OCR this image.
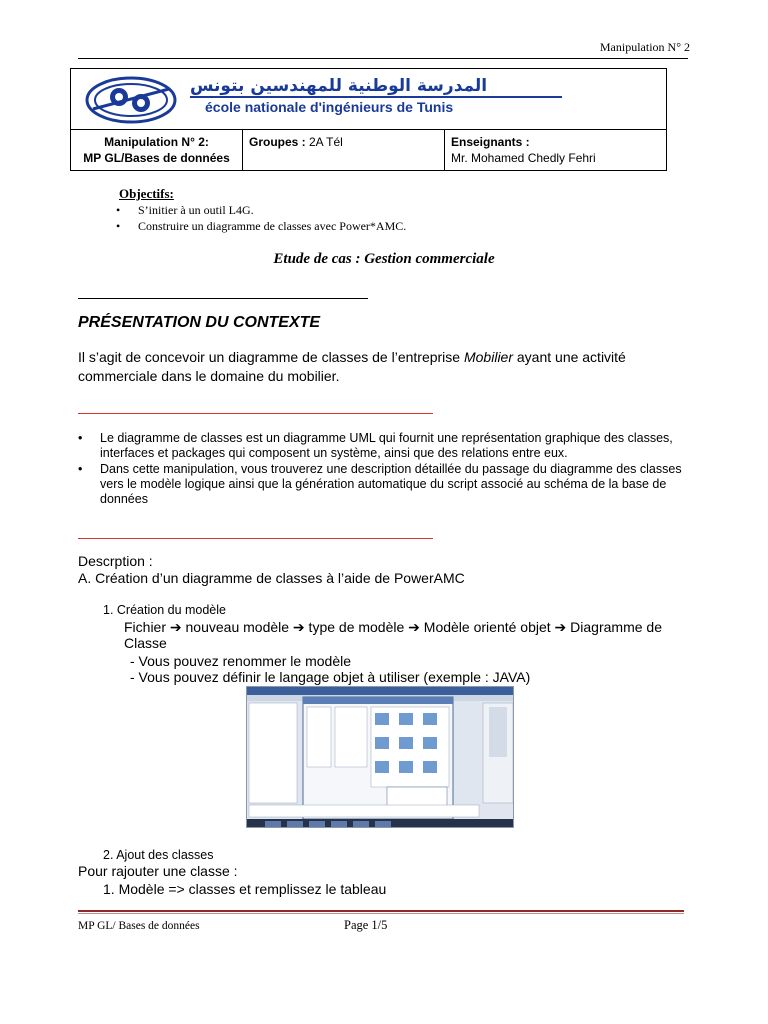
Manipulation N° 2
Manipulation N° 2:
MP GL/Bases de données
Groupes : 2A Tél	Enseignants :
Mr. Mohamed Chedly Fehri
المدرسة الوطنية للمهندسين بتونس
école nationale d'ingénieurs de Tunis
Objectifs:
• S’initier à un outil L4G.
• Construire un diagramme de classes avec Power*AMC.
Etude de cas : Gestion commerciale
PRÉSENTATION DU CONTEXTE
Il s’agit de concevoir un diagramme de classes de l’entreprise Mobilier ayant une activité commerciale dans le domaine du mobilier.
• Le diagramme de classes est un diagramme UML qui fournit une représentation graphique des classes, interfaces et packages qui composent un système, ainsi que des relations entre eux.
• Dans cette manipulation, vous trouverez une description détaillée du passage du diagramme des classes vers le modèle logique ainsi que la génération automatique du script associé au schéma de la base de données
Descrption :
A. Création d’un diagramme de classes à l’aide de PowerAMC
1. Création du modèle
Fichier ➔ nouveau modèle ➔ type de modèle ➔ Modèle orienté objet ➔ Diagramme de Classe
- Vous pouvez renommer le modèle
- Vous pouvez définir le langage objet à utiliser (exemple : JAVA)
2. Ajout des classes
Pour rajouter une classe :
1. Modèle => classes et remplissez le tableau
MP GL/ Bases de données	Page 1/5
